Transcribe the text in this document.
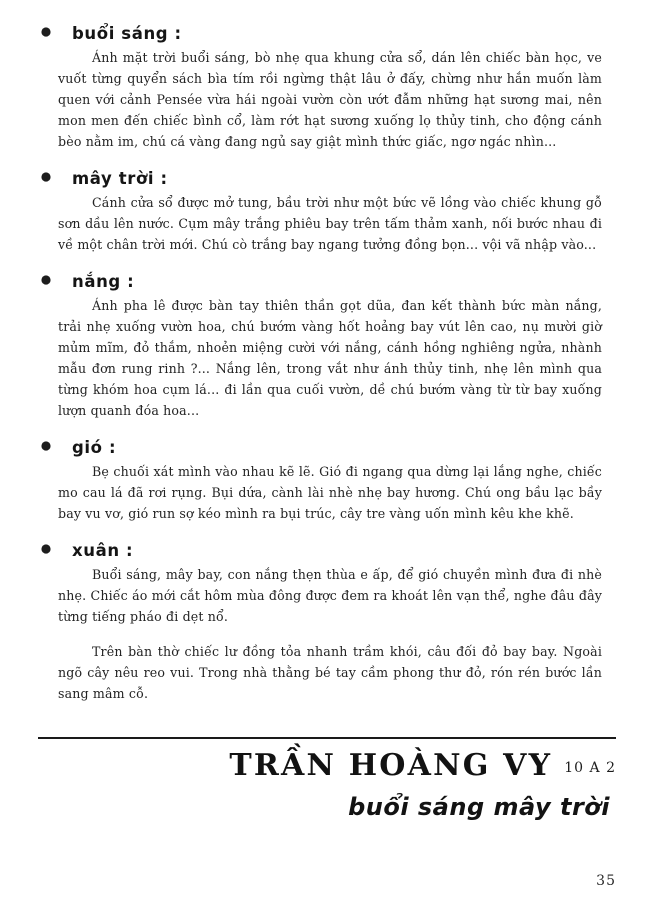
buổi sáng :

Ánh mặt trời buổi sáng, bò nhẹ qua khung cửa sổ, dán lên chiếc bàn học, ve vuốt từng quyển sách bìa tím rồi ngừng thật lâu ở đấy, chừng như hắn muốn làm quen với cảnh Pensée vừa hái ngoài vườn còn ướt đẫm những hạt sương mai, nên mon men đến chiếc bình cổ, làm rớt hạt sương xuống lọ thủy tinh, cho động cánh bèo nằm im, chú cá vàng đang ngủ say giật mình thức giấc, ngơ ngác nhìn...

mây trời :

Cánh cửa sổ được mở tung, bầu trời như một bức vẽ lồng vào chiếc khung gỗ sơn dầu lên nước. Cụm mây trắng phiêu bay trên tấm thảm xanh, nối bước nhau đi về một chân trời mới. Chú cò trắng bay ngang tưởng đồng bọn... vội vã nhập vào...

nắng :

Ánh pha lê được bàn tay thiên thần gọt dũa, đan kết thành bức màn nắng, trải nhẹ xuống vườn hoa, chú bướm vàng hốt hoảng bay vút lên cao, nụ mười giờ mủm mĩm, đỏ thắm, nhoẻn miệng cười với nắng, cánh hồng nghiêng ngửa, nhành mẫu đơn rung rinh ?... Nắng lên, trong vắt như ánh thủy tinh, nhẹ lên mình qua từng khóm hoa cụm lá... đi lần qua cuối vườn, dề chú bướm vàng từ từ bay xuống lượn quanh đóa hoa...

gió :

Bẹ chuối xát mình vào nhau kẽ lẽ. Gió đi ngang qua dừng lại lắng nghe, chiếc mo cau lá đã rơi rụng. Bụi dứa, cành lài nhè nhẹ bay hương. Chú ong bầu lạc bầy bay vu vơ, gió run sợ kéo mình ra bụi trúc, cây tre vàng uốn mình kêu khe khẽ.

xuân :

Buổi sáng, mây bay, con nắng thẹn thùa e ấp, để gió chuyền mình đưa đi nhè nhẹ. Chiếc áo mới cắt hôm mùa đông được đem ra khoát lên vạn thể, nghe đâu đây từng tiếng pháo đi dẹt nổ.

Trên bàn thờ chiếc lư đồng tỏa nhanh trầm khói, câu đối đỏ bay bay. Ngoài ngõ cây nêu reo vui. Trong nhà thằng bé tay cầm phong thư đỏ, rón rén bước lần sang mâm cỗ.

TRẦN HOÀNG VY 10 A 2
buổi sáng mây trời
35
